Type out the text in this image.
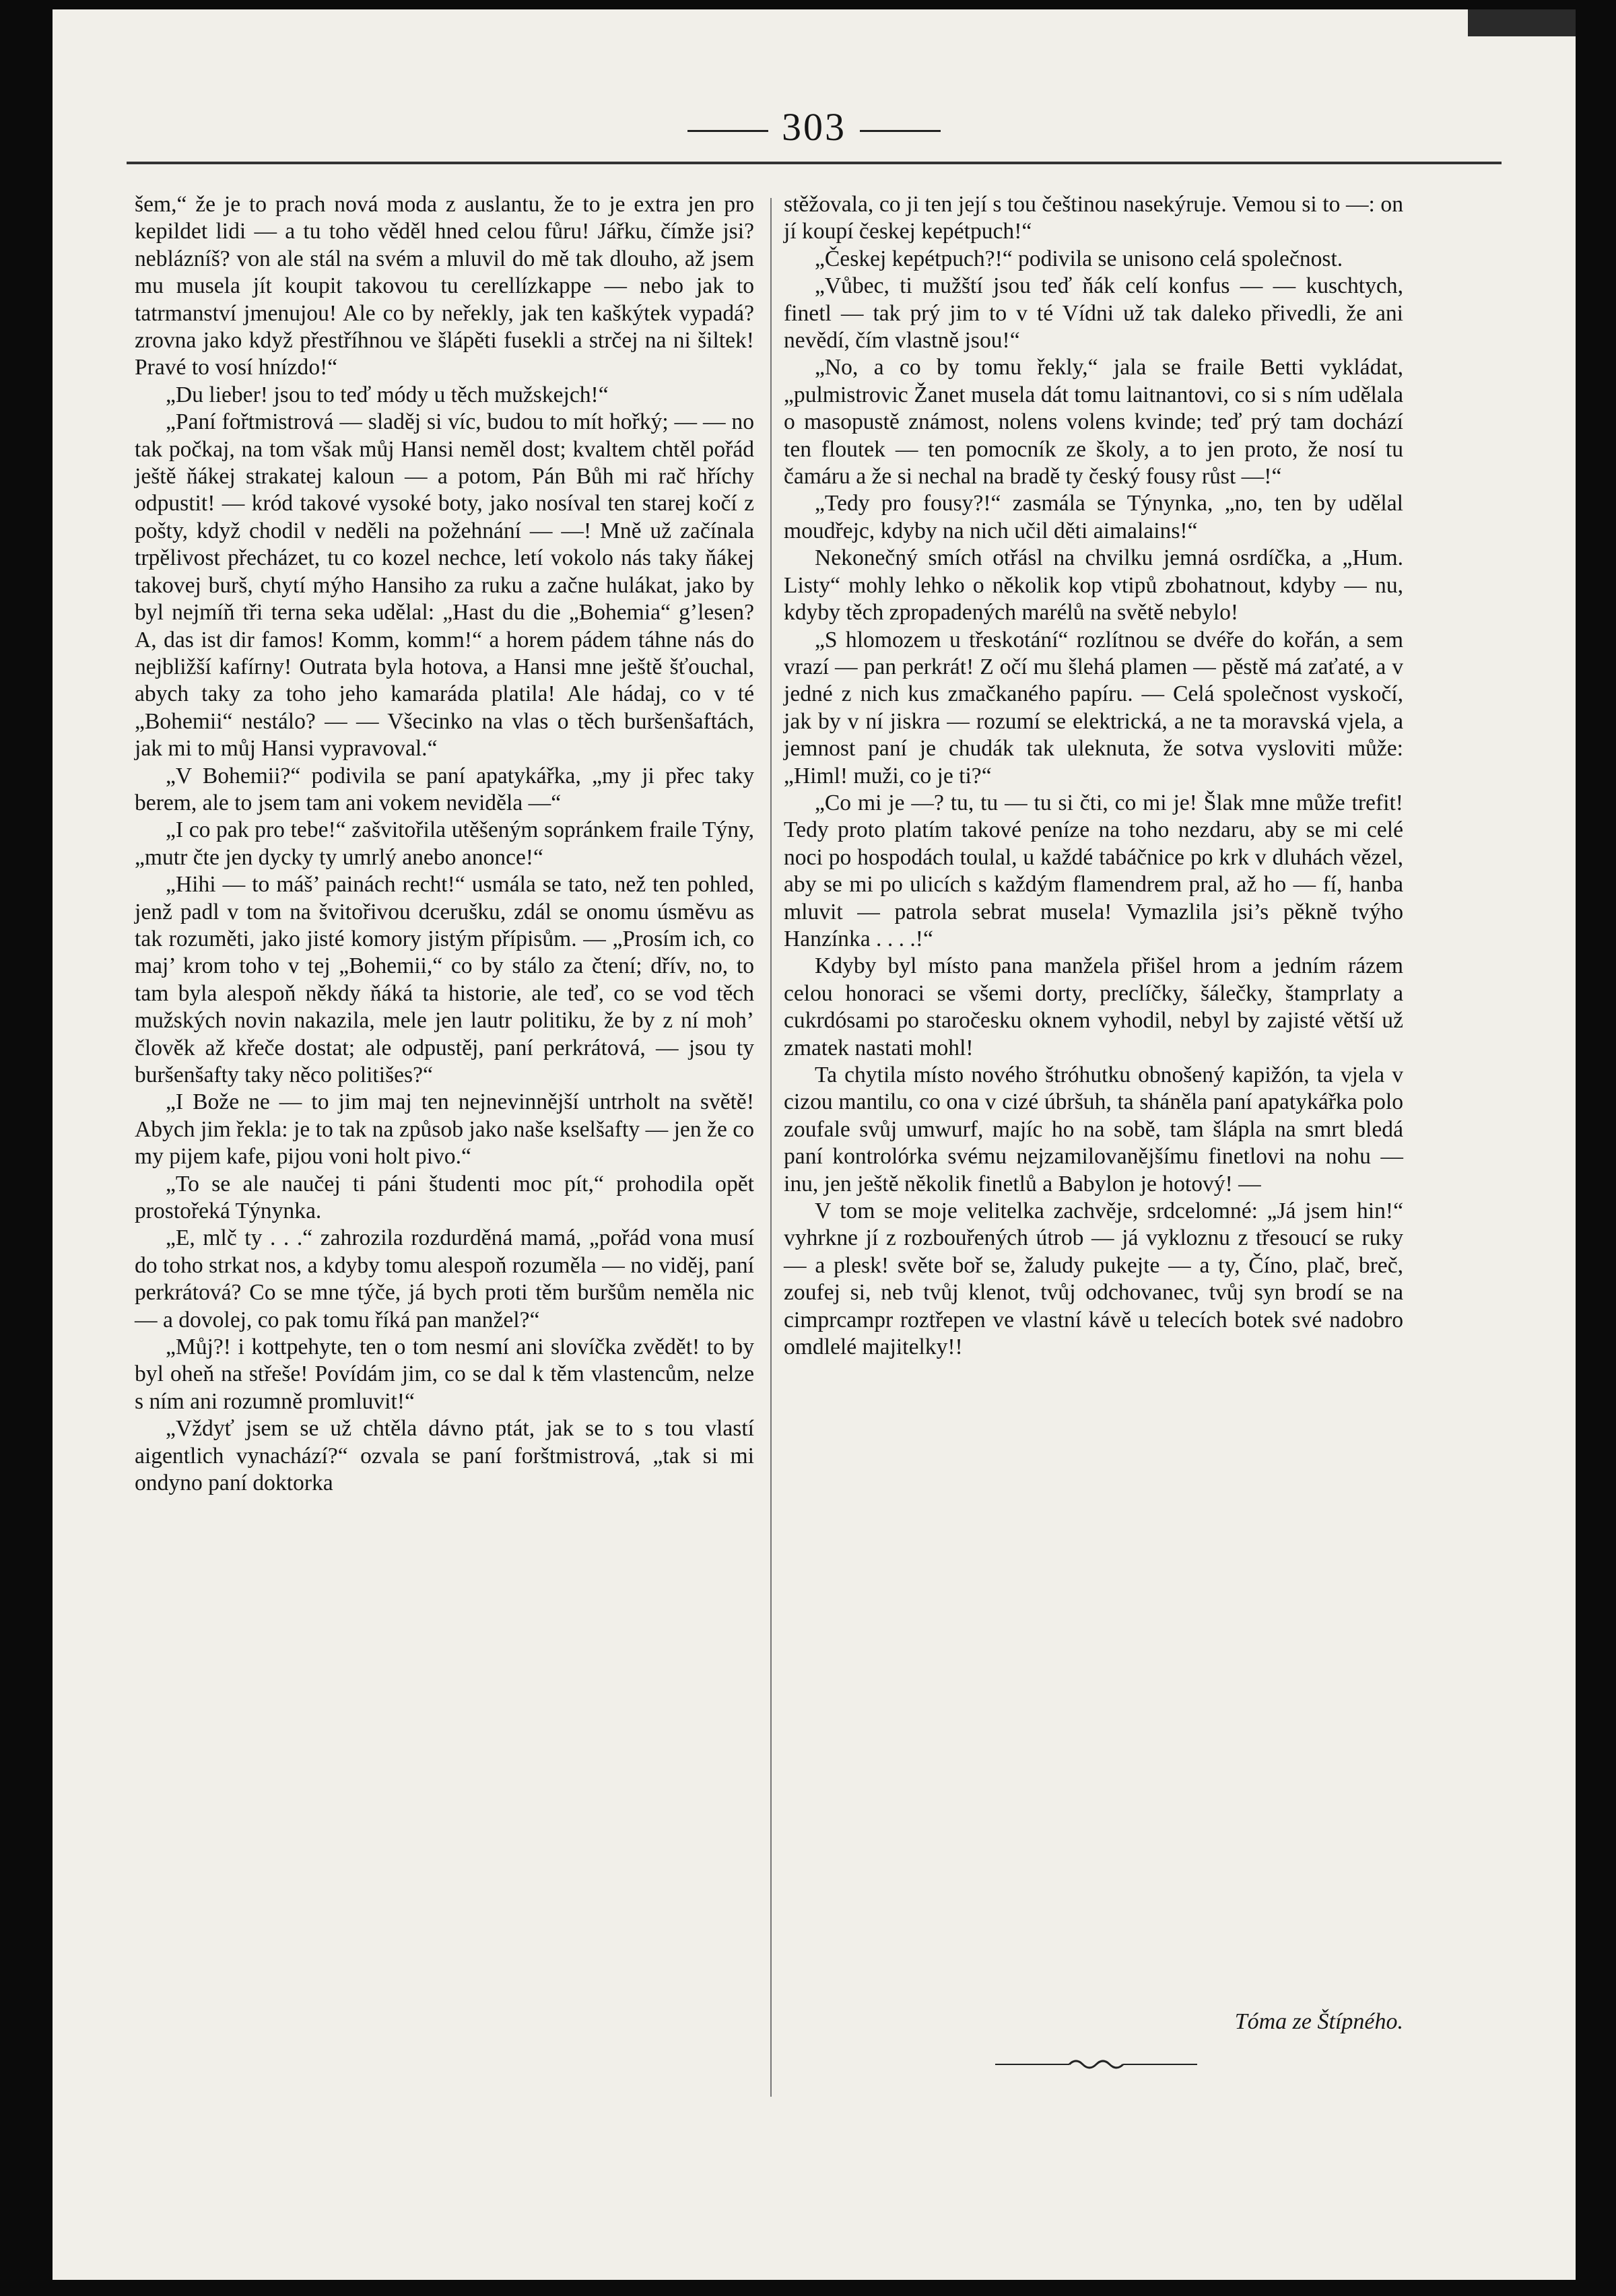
303

šem,“ že je to prach nová moda z auslantu, že to je extra jen pro kepildet lidi — a tu toho věděl hned celou fůru! Jářku, čímže jsi? neblázníš? von ale stál na svém a mluvil do mě tak dlouho, až jsem mu musela jít koupit takovou tu cerellízkappe — nebo jak to tatrmanství jmenujou! Ale co by neřekly, jak ten kaškýtek vypadá? zrovna jako když přestříhnou ve šlápěti fusekli a strčej na ni šiltek! Pravé to vosí hnízdo!“

„Du lieber! jsou to teď módy u těch mužskejch!“

„Paní fořtmistrová — sladěj si víc, budou to mít hořký; — — no tak počkaj, na tom však můj Hansi neměl dost; kvaltem chtěl pořád ještě ňákej strakatej kaloun — a potom, Pán Bůh mi rač hříchy odpustit! — kród takové vysoké boty, jako nosíval ten starej kočí z pošty, když chodil v neděli na požehnání — —! Mně už začínala trpělivost přecházet, tu co kozel nechce, letí vokolo nás taky ňákej takovej burš, chytí mýho Hansiho za ruku a začne hulákat, jako by byl nejmíň tři terna seka udělal: „Hast du die „Bohemia“ g’lesen? A, das ist dir famos! Komm, komm!“ a horem pádem táhne nás do nejbližší kafírny! Outrata byla hotova, a Hansi mne ještě šťouchal, abych taky za toho jeho kamaráda platila! Ale hádaj, co v té „Bohemii“ nestálo? — — Všecinko na vlas o těch buršenšaftách, jak mi to můj Hansi vypravoval.“

„V Bohemii?“ podivila se paní apatykářka, „my ji přec taky berem, ale to jsem tam ani vokem neviděla —“

„I co pak pro tebe!“ zašvitořila utěšeným sopránkem fraile Týny, „mutr čte jen dycky ty umrlý anebo anonce!“

„Hihi — to máš’ painách recht!“ usmála se tato, než ten pohled, jenž padl v tom na švitořivou dcerušku, zdál se onomu úsměvu as tak rozuměti, jako jisté komory jistým přípisům. — „Prosím ich, co maj’ krom toho v tej „Bohemii,“ co by stálo za čtení; dřív, no, to tam byla alespoň někdy ňáká ta historie, ale teď, co se vod těch mužských novin nakazila, mele jen lautr politiku, že by z ní moh’ člověk až křeče dostat; ale odpustěj, paní perkrátová, — jsou ty buršenšafty taky něco politišes?“

„I Bože ne — to jim maj ten nejnevinnější untrholt na světě! Abych jim řekla: je to tak na způsob jako naše kselšafty — jen že co my pijem kafe, pijou voni holt pivo.“

„To se ale naučej ti páni študenti moc pít,“ prohodila opět prostořeká Týnynka.

„E, mlč ty . . .“ zahrozila rozdurděná mamá, „pořád vona musí do toho strkat nos, a kdyby tomu alespoň rozuměla — no viděj, paní perkrátová? Co se mne týče, já bych proti těm buršům neměla nic — a dovolej, co pak tomu říká pan manžel?“

„Můj?! i kottpehyte, ten o tom nesmí ani slovíčka zvědět! to by byl oheň na střeše! Povídám jim, co se dal k těm vlastencům, nelze s ním ani rozumně promluvit!“

„Vždyť jsem se už chtěla dávno ptát, jak se to s tou vlastí aigentlich vynachází?“ ozvala se paní forštmistrová, „tak si mi ondyno paní doktorka

stěžovala, co ji ten její s tou češtinou nasekýruje. Vemou si to —: on jí koupí českej kepétpuch!“

„Českej kepétpuch?!“ podivila se unisono celá společnost.

„Vůbec, ti mužští jsou teď ňák celí konfus — — kuschtych, finetl — tak prý jim to v té Vídni už tak daleko přivedli, že ani nevědí, čím vlastně jsou!“

„No, a co by tomu řekly,“ jala se fraile Betti vykládat, „pulmistrovic Žanet musela dát tomu laitnantovi, co si s ním udělala o masopustě známost, nolens volens kvinde; teď prý tam dochází ten floutek — ten pomocník ze školy, a to jen proto, že nosí tu čamáru a že si nechal na bradě ty český fousy růst —!“

„Tedy pro fousy?!“ zasmála se Týnynka, „no, ten by udělal moudřejc, kdyby na nich učil děti aimalains!“

Nekonečný smích otřásl na chvilku jemná osrdíčka, a „Hum. Listy“ mohly lehko o několik kop vtipů zbohatnout, kdyby — nu, kdyby těch zpropadených marélů na světě nebylo!

„S hlomozem u třeskotání“ rozlítnou se dvéře do kořán, a sem vrazí — pan perkrát! Z očí mu šlehá plamen — pěstě má zaťaté, a v jedné z nich kus zmačkaného papíru. — Celá společnost vyskočí, jak by v ní jiskra — rozumí se elektrická, a ne ta moravská vjela, a jemnost paní je chudák tak uleknuta, že sotva vysloviti může: „Himl! muži, co je ti?“

„Co mi je —? tu, tu — tu si čti, co mi je! Šlak mne může trefit! Tedy proto platím takové peníze na toho nezdaru, aby se mi celé noci po hospodách toulal, u každé tabáčnice po krk v dluhách vězel, aby se mi po ulicích s každým flamendrem pral, až ho — fí, hanba mluvit — patrola sebrat musela! Vymazlila jsi’s pěkně tvýho Hanzínka . . . .!“

Kdyby byl místo pana manžela přišel hrom a jedním rázem celou honoraci se všemi dorty, preclíčky, šálečky, štamprlaty a cukrdósami po staročesku oknem vyhodil, nebyl by zajisté větší už zmatek nastati mohl!

Ta chytila místo nového štróhutku obnošený kapižón, ta vjela v cizou mantilu, co ona v cizé úbršuh, ta sháněla paní apatykářka polo zoufale svůj umwurf, majíc ho na sobě, tam šlápla na smrt bledá paní kontrolórka svému nejzamilovanějšímu finetlovi na nohu — inu, jen ještě několik finetlů a Babylon je hotový! —

V tom se moje velitelka zachvěje, srdcelomné: „Já jsem hin!“ vyhrkne jí z rozbouřených útrob — já vykloznu z třesoucí se ruky — a plesk! světe boř se, žaludy pukejte — a ty, Číno, plač, breč, zoufej si, neb tvůj klenot, tvůj odchovanec, tvůj syn brodí se na cimprcampr roztřepen ve vlastní kávě u telecích botek své nadobro omdlelé majitelky!!

Tóma ze Štípného.
